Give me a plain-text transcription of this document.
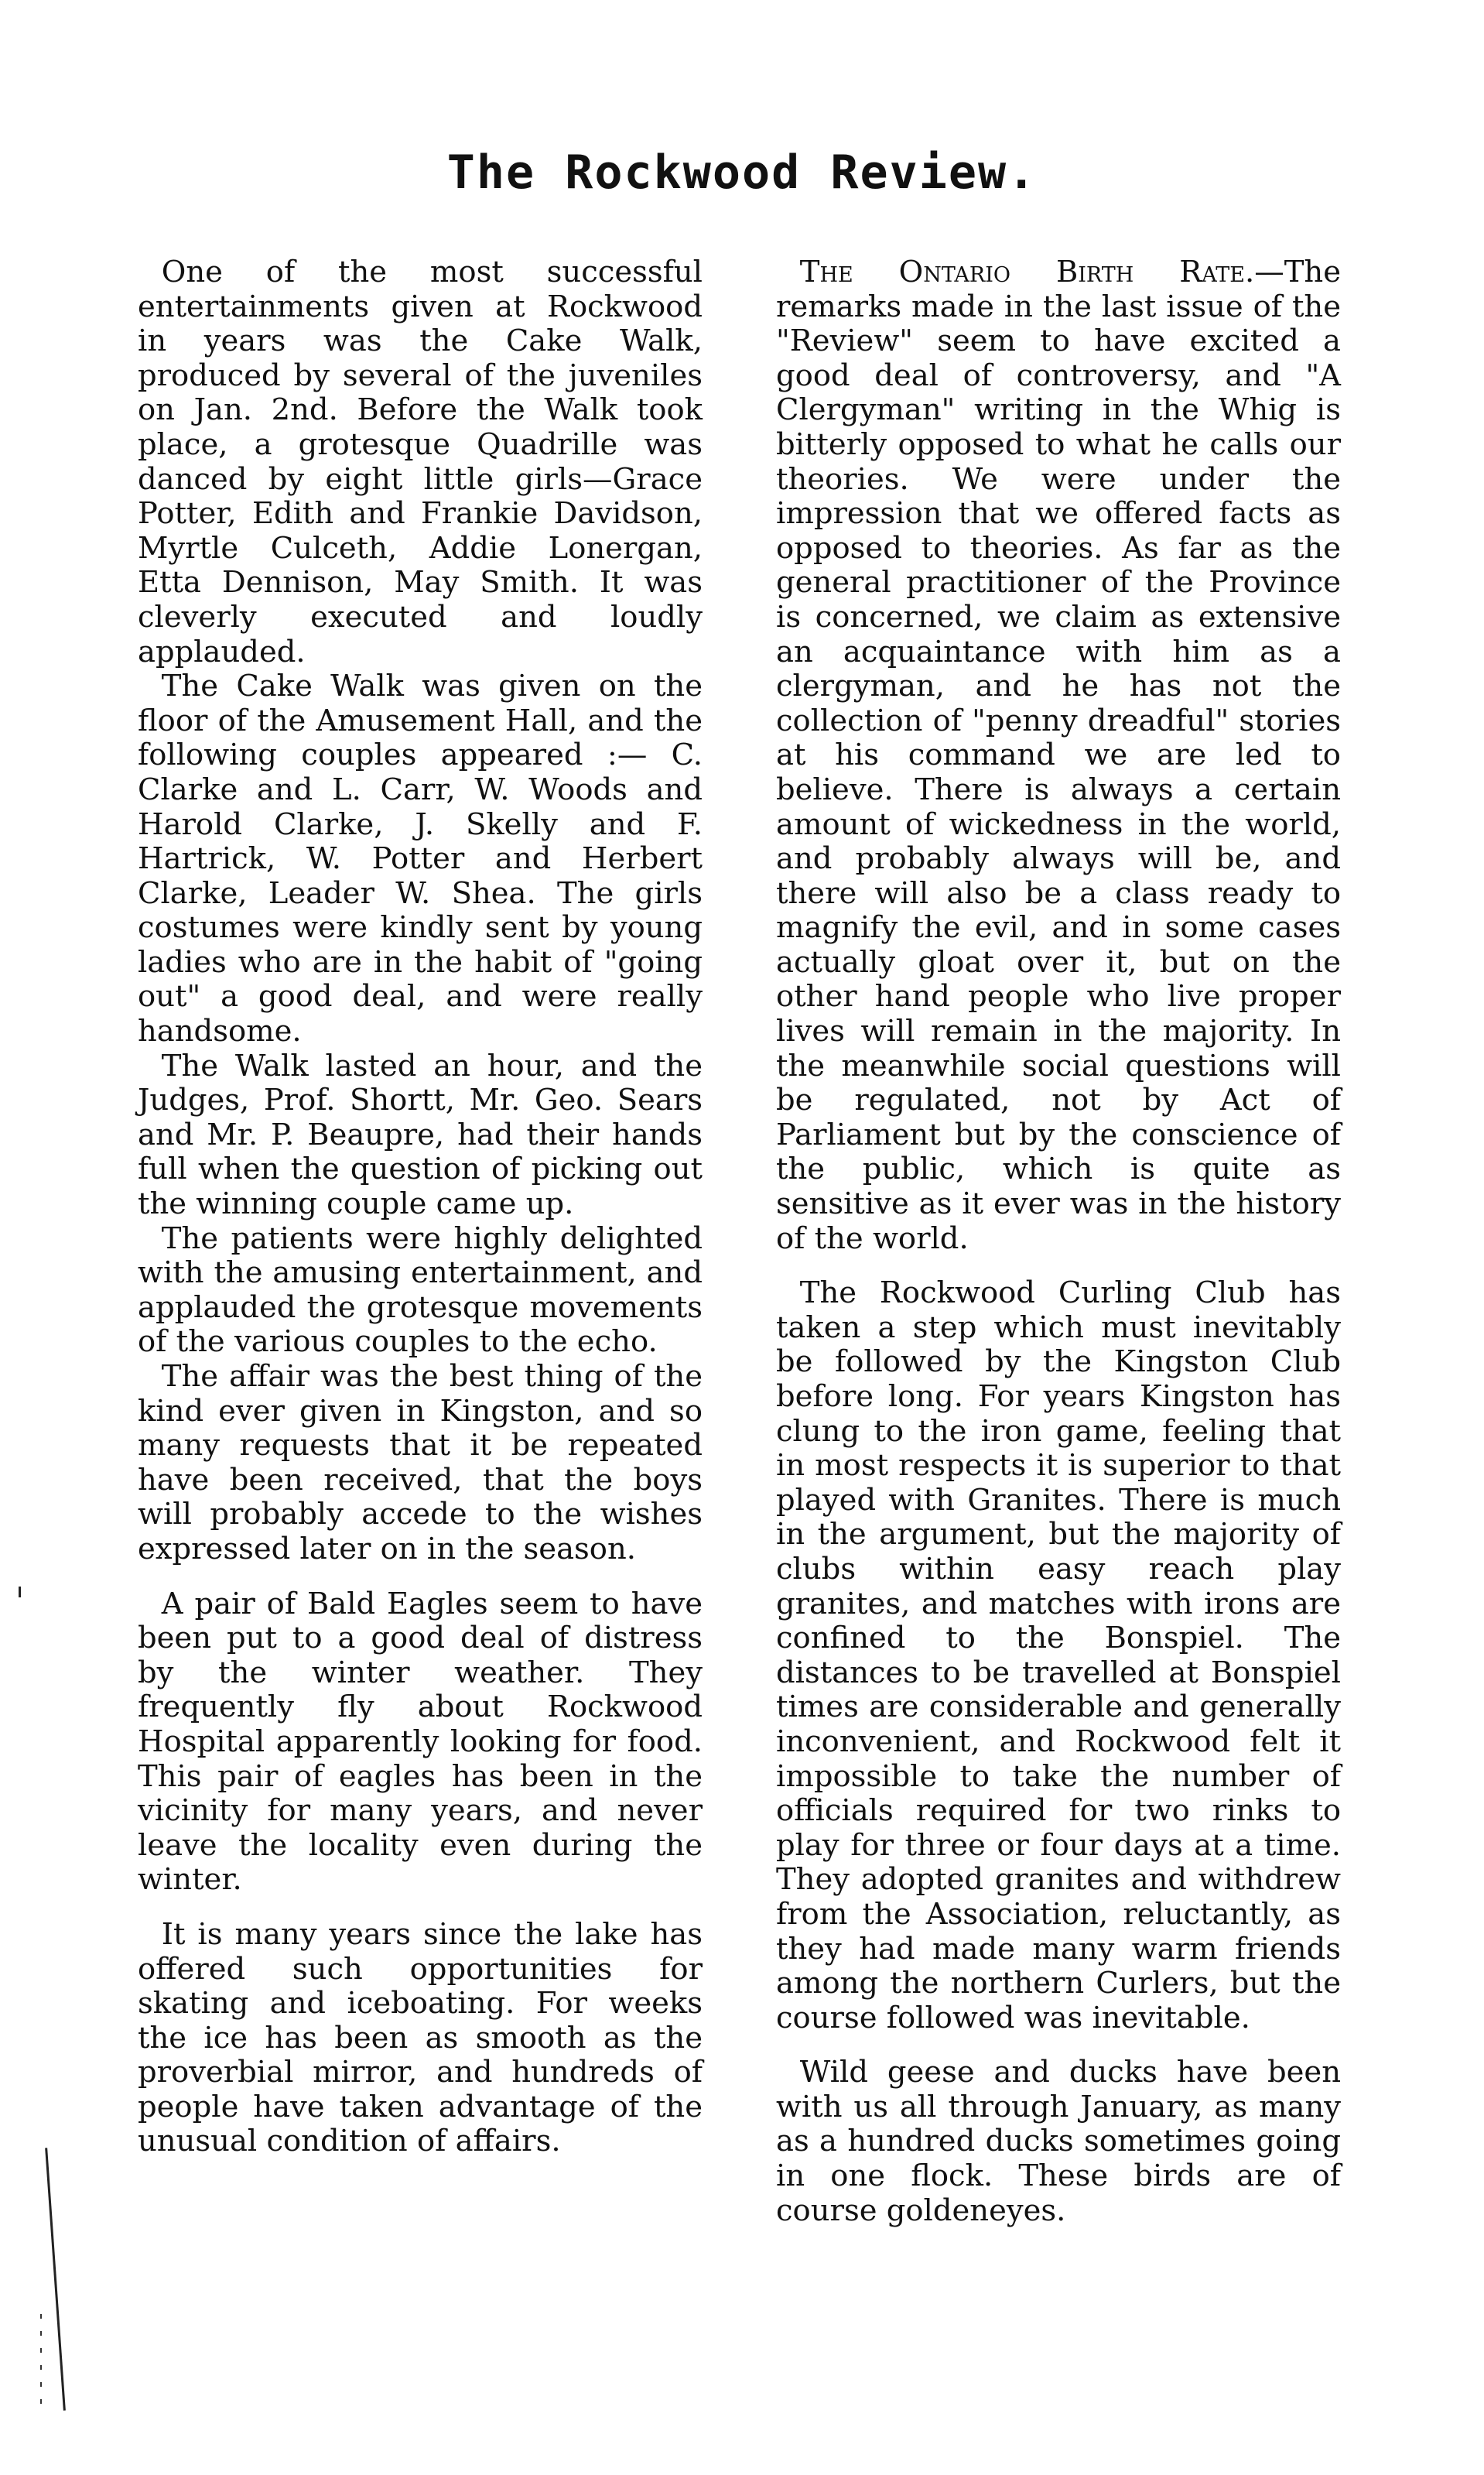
The Rockwood Review.

One of the most successful entertainments given at Rockwood in years was the Cake Walk, produced by several of the juveniles on Jan. 2nd. Before the Walk took place, a grotesque Quadrille was danced by eight little girls—Grace Potter, Edith and Frankie Davidson, Myrtle Culceth, Addie Lonergan, Etta Dennison, May Smith. It was cleverly executed and loudly applauded.

The Cake Walk was given on the floor of the Amusement Hall, and the following couples appeared :— C. Clarke and L. Carr, W. Woods and Harold Clarke, J. Skelly and F. Hartrick, W. Potter and Herbert Clarke, Leader W. Shea. The girls costumes were kindly sent by young ladies who are in the habit of "going out" a good deal, and were really handsome.

The Walk lasted an hour, and the Judges, Prof. Shortt, Mr. Geo. Sears and Mr. P. Beaupre, had their hands full when the question of picking out the winning couple came up.

The patients were highly delighted with the amusing entertainment, and applauded the grotesque movements of the various couples to the echo.

The affair was the best thing of the kind ever given in Kingston, and so many requests that it be repeated have been received, that the boys will probably accede to the wishes expressed later on in the season.

A pair of Bald Eagles seem to have been put to a good deal of distress by the winter weather. They frequently fly about Rockwood Hospital apparently looking for food. This pair of eagles has been in the vicinity for many years, and never leave the locality even during the winter.

It is many years since the lake has offered such opportunities for skating and iceboating. For weeks the ice has been as smooth as the proverbial mirror, and hundreds of people have taken advantage of the unusual condition of affairs.

The Ontario Birth Rate.—The remarks made in the last issue of the "Review" seem to have excited a good deal of controversy, and "A Clergyman" writing in the Whig is bitterly opposed to what he calls our theories. We were under the impression that we offered facts as opposed to theories. As far as the general practitioner of the Province is concerned, we claim as extensive an acquaintance with him as a clergyman, and he has not the collection of "penny dreadful" stories at his command we are led to believe. There is always a certain amount of wickedness in the world, and probably always will be, and there will also be a class ready to magnify the evil, and in some cases actually gloat over it, but on the other hand people who live proper lives will remain in the majority. In the meanwhile social questions will be regulated, not by Act of Parliament but by the conscience of the public, which is quite as sensitive as it ever was in the history of the world.

The Rockwood Curling Club has taken a step which must inevitably be followed by the Kingston Club before long. For years Kingston has clung to the iron game, feeling that in most respects it is superior to that played with Granites. There is much in the argument, but the majority of clubs within easy reach play granites, and matches with irons are confined to the Bonspiel. The distances to be travelled at Bonspiel times are considerable and generally inconvenient, and Rockwood felt it impossible to take the number of officials required for two rinks to play for three or four days at a time. They adopted granites and withdrew from the Association, reluctantly, as they had made many warm friends among the northern Curlers, but the course followed was inevitable.

Wild geese and ducks have been with us all through January, as many as a hundred ducks sometimes going in one flock. These birds are of course goldeneyes.
